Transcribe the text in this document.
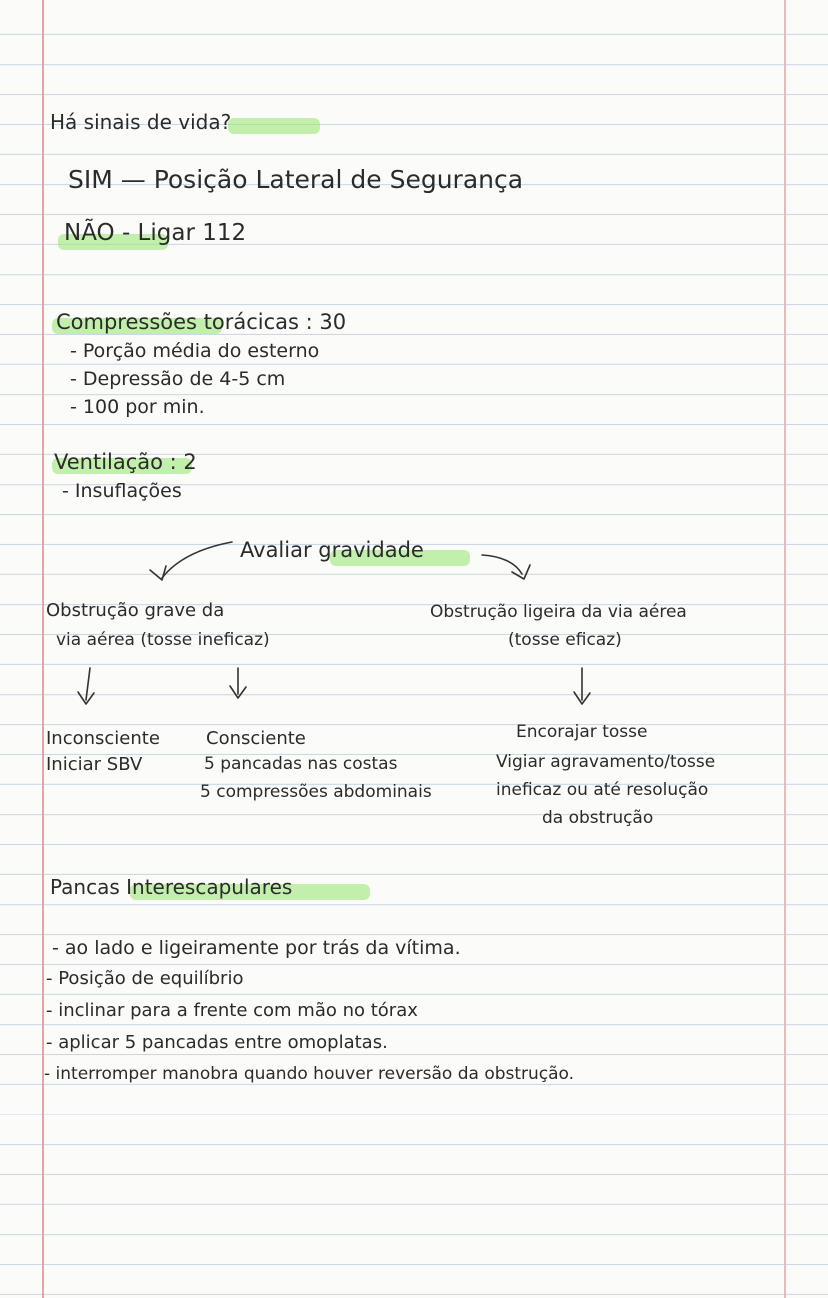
Há sinais de vida?
SIM — Posição Lateral de Segurança
NÃO - Ligar 112
Compressões torácicas : 30
- Porção média do esterno
- Depressão de 4-5 cm
- 100 por min.
Ventilação : 2
- Insuflações
Avaliar gravidade
Obstrução grave da
via aérea (tosse ineficaz)
Obstrução ligeira da via aérea
(tosse eficaz)
Inconsciente
Iniciar SBV
Consciente
5 pancadas nas costas
5 compressões abdominais
Encorajar tosse
Vigiar agravamento/tosse
ineficaz ou até resolução
da obstrução
Pancas Interescapulares
- ao lado e ligeiramente por trás da vítima.
- Posição de equilíbrio
- inclinar para a frente com mão no tórax
- aplicar 5 pancadas entre omoplatas.
- interromper manobra quando houver reversão da obstrução.
